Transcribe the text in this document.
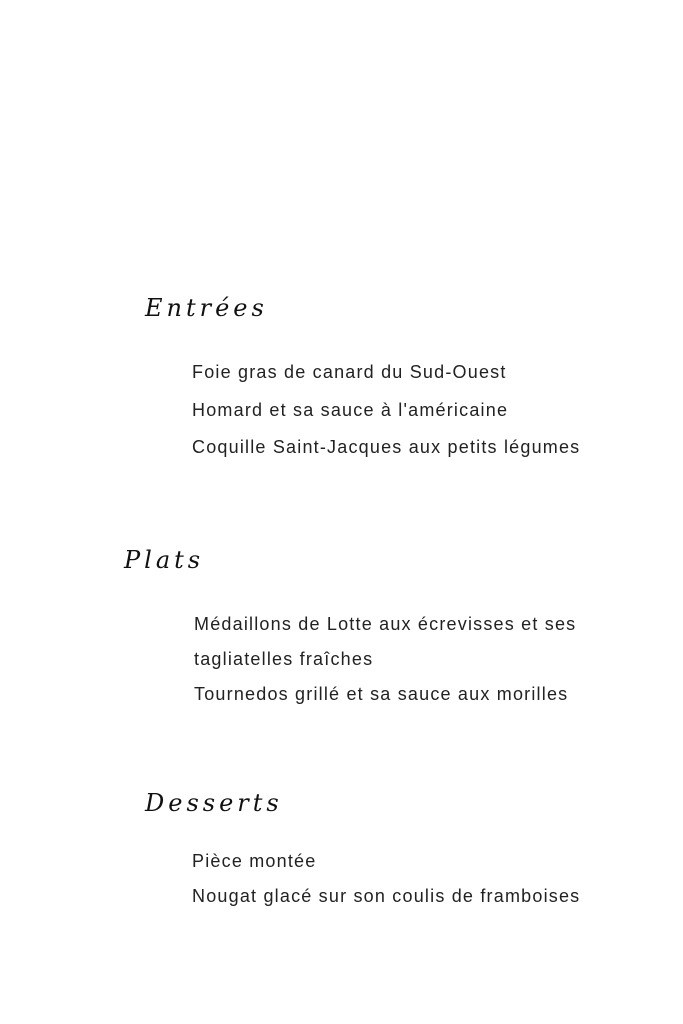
Entrées
Foie gras de canard du Sud-Ouest
Homard et sa sauce à l'américaine
Coquille Saint-Jacques aux petits légumes
Plats
Médaillons de Lotte aux écrevisses et ses
tagliatelles fraîches
Tournedos grillé et sa sauce aux morilles
Desserts
Pièce montée
Nougat glacé sur son coulis de framboises
